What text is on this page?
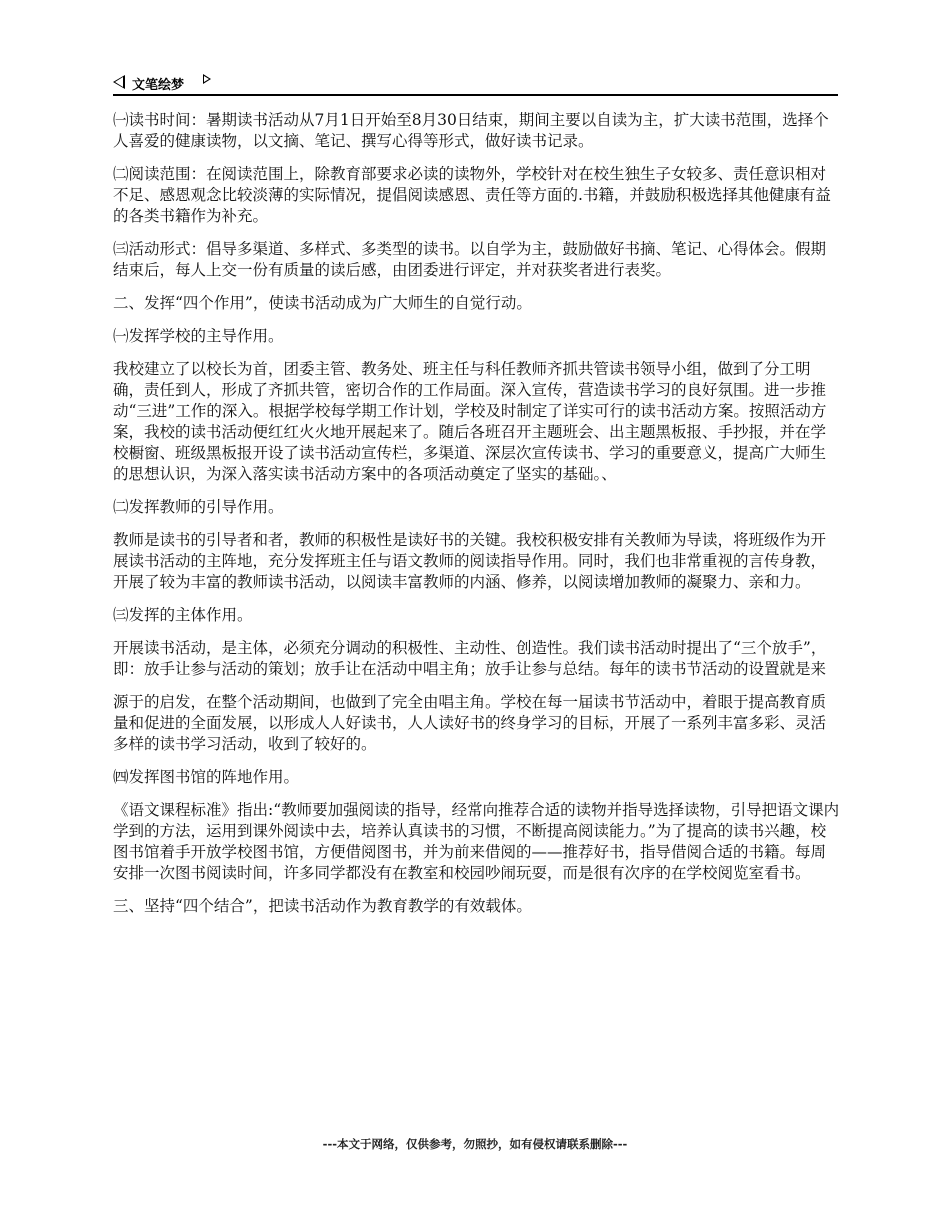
文笔绘梦

㈠读书时间：暑期读书活动从7月1日开始至8月30日结束，期间主要以自读为主，扩大读书范围，选择个人喜爱的健康读物，以文摘、笔记、撰写心得等形式，做好读书记录。

㈡阅读范围：在阅读范围上，除教育部要求必读的读物外，学校针对在校生独生子女较多、责任意识相对不足、感恩观念比较淡薄的实际情况，提倡阅读感恩、责任等方面的.书籍，并鼓励积极选择其他健康有益的各类书籍作为补充。

㈢活动形式：倡导多渠道、多样式、多类型的读书。以自学为主，鼓励做好书摘、笔记、心得体会。假期结束后，每人上交一份有质量的读后感，由团委进行评定，并对获奖者进行表奖。

二、发挥“四个作用”，使读书活动成为广大师生的自觉行动。

㈠发挥学校的主导作用。

我校建立了以校长为首，团委主管、教务处、班主任与科任教师齐抓共管读书领导小组，做到了分工明确，责任到人，形成了齐抓共管，密切合作的工作局面。深入宣传，营造读书学习的良好氛围。进一步推动“三进”工作的深入。根据学校每学期工作计划，学校及时制定了详实可行的读书活动方案。按照活动方案，我校的读书活动便红红火火地开展起来了。随后各班召开主题班会、出主题黑板报、手抄报，并在学校橱窗、班级黑板报开设了读书活动宣传栏，多渠道、深层次宣传读书、学习的重要意义，提高广大师生的思想认识，为深入落实读书活动方案中的各项活动奠定了坚实的基础。、

㈡发挥教师的引导作用。

教师是读书的引导者和者，教师的积极性是读好书的关键。我校积极安排有关教师为导读，将班级作为开展读书活动的主阵地，充分发挥班主任与语文教师的阅读指导作用。同时，我们也非常重视的言传身教，开展了较为丰富的教师读书活动，以阅读丰富教师的内涵、修养，以阅读增加教师的凝聚力、亲和力。

㈢发挥的主体作用。

开展读书活动，是主体，必须充分调动的积极性、主动性、创造性。我们读书活动时提出了“三个放手”，即：放手让参与活动的策划；放手让在活动中唱主角；放手让参与总结。每年的读书节活动的设置就是来

源于的启发，在整个活动期间，也做到了完全由唱主角。学校在每一届读书节活动中，着眼于提高教育质量和促进的全面发展，以形成人人好读书，人人读好书的终身学习的目标，开展了一系列丰富多彩、灵活多样的读书学习活动，收到了较好的。

㈣发挥图书馆的阵地作用。

《语文课程标准》指出:“教师要加强阅读的指导，经常向推荐合适的读物并指导选择读物，引导把语文课内学到的方法，运用到课外阅读中去，培养认真读书的习惯，不断提高阅读能力。”为了提高的读书兴趣，校图书馆着手开放学校图书馆，方便借阅图书，并为前来借阅的——推荐好书，指导借阅合适的书籍。每周安排一次图书阅读时间，许多同学都没有在教室和校园吵闹玩耍，而是很有次序的在学校阅览室看书。

三、坚持“四个结合”，把读书活动作为教育教学的有效载体。

---本文于网络，仅供参考，勿照抄，如有侵权请联系删除---
